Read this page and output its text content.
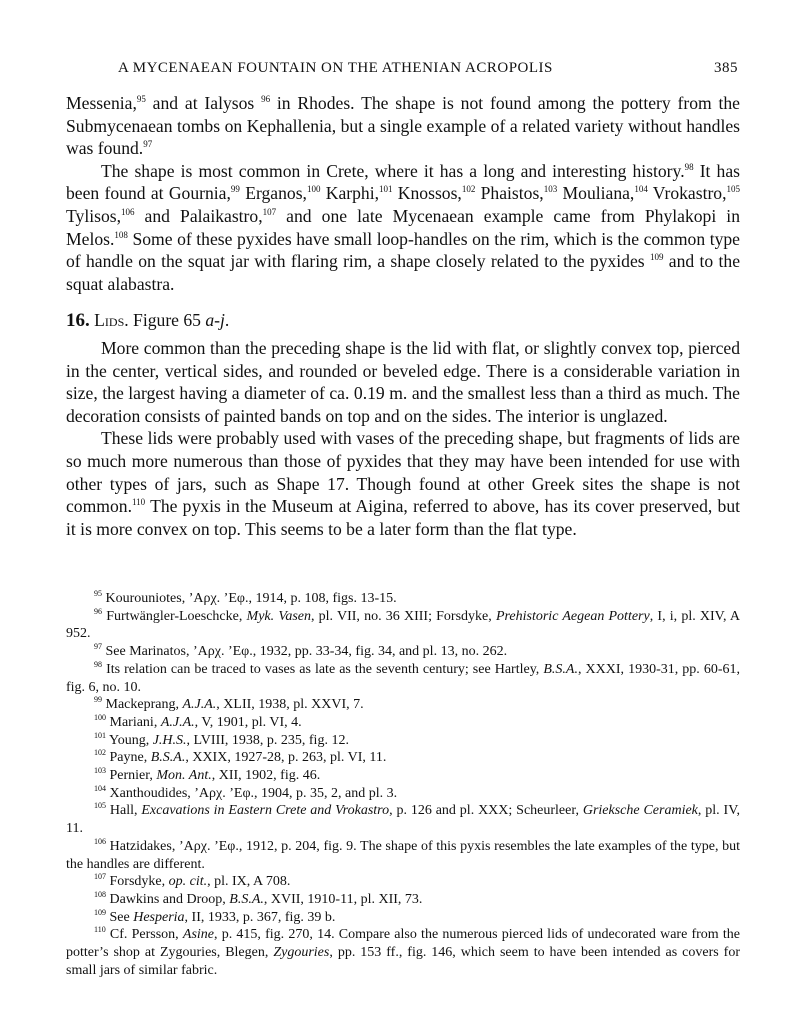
A MYCENAEAN FOUNTAIN ON THE ATHENIAN ACROPOLIS	385

Messenia,$^{95}$ and at Ialysos $^{96}$ in Rhodes. The shape is not found among the pottery from the Submycenaean tombs on Kephallenia, but a single example of a related variety without handles was found.$^{97}$

The shape is most common in Crete, where it has a long and interesting history.$^{98}$ It has been found at Gournia,$^{99}$ Erganos,$^{100}$ Karphi,$^{101}$ Knossos,$^{102}$ Phaistos,$^{103}$ Mouliana,$^{104}$ Vrokastro,$^{105}$ Tylisos,$^{106}$ and Palaikastro,$^{107}$ and one late Mycenaean example came from Phylakopi in Melos.$^{108}$ Some of these pyxides have small loop-handles on the rim, which is the common type of handle on the squat jar with flaring rim, a shape closely related to the pyxides $^{109}$ and to the squat alabastra.

16. Lids. Figure 65 a-j.

More common than the preceding shape is the lid with flat, or slightly convex top, pierced in the center, vertical sides, and rounded or beveled edge. There is a considerable variation in size, the largest having a diameter of ca. 0.19 m. and the smallest less than a third as much. The decoration consists of painted bands on top and on the sides. The interior is unglazed.

These lids were probably used with vases of the preceding shape, but fragments of lids are so much more numerous than those of pyxides that they may have been intended for use with other types of jars, such as Shape 17. Though found at other Greek sites the shape is not common.$^{110}$ The pyxis in the Museum at Aigina, referred to above, has its cover preserved, but it is more convex on top. This seems to be a later form than the flat type.

$^{95}$ Kourouniotes, ’Αρχ. ’Εφ., 1914, p. 108, figs. 13-15.

$^{96}$ Furtwängler-Loeschcke, Myk. Vasen, pl. VII, no. 36 XIII; Forsdyke, Prehistoric Aegean Pottery, I, i, pl. XIV, A 952.

$^{97}$ See Marinatos, ’Αρχ. ’Εφ., 1932, pp. 33-34, fig. 34, and pl. 13, no. 262.

$^{98}$ Its relation can be traced to vases as late as the seventh century; see Hartley, B.S.A., XXXI, 1930-31, pp. 60-61, fig. 6, no. 10.

$^{99}$ Mackeprang, A.J.A., XLII, 1938, pl. XXVI, 7.

$^{100}$ Mariani, A.J.A., V, 1901, pl. VI, 4.

$^{101}$ Young, J.H.S., LVIII, 1938, p. 235, fig. 12.

$^{102}$ Payne, B.S.A., XXIX, 1927-28, p. 263, pl. VI, 11.

$^{103}$ Pernier, Mon. Ant., XII, 1902, fig. 46.

$^{104}$ Xanthoudides, ’Αρχ. ’Εφ., 1904, p. 35, 2, and pl. 3.

$^{105}$ Hall, Excavations in Eastern Crete and Vrokastro, p. 126 and pl. XXX; Scheurleer, Grieksche Ceramiek, pl. IV, 11.

$^{106}$ Hatzidakes, ’Αρχ. ’Εφ., 1912, p. 204, fig. 9. The shape of this pyxis resembles the late examples of the type, but the handles are different.

$^{107}$ Forsdyke, op. cit., pl. IX, A 708.

$^{108}$ Dawkins and Droop, B.S.A., XVII, 1910-11, pl. XII, 73.

$^{109}$ See Hesperia, II, 1933, p. 367, fig. 39 b.

$^{110}$ Cf. Persson, Asine, p. 415, fig. 270, 14. Compare also the numerous pierced lids of undecorated ware from the potter’s shop at Zygouries, Blegen, Zygouries, pp. 153 ff., fig. 146, which seem to have been intended as covers for small jars of similar fabric.
